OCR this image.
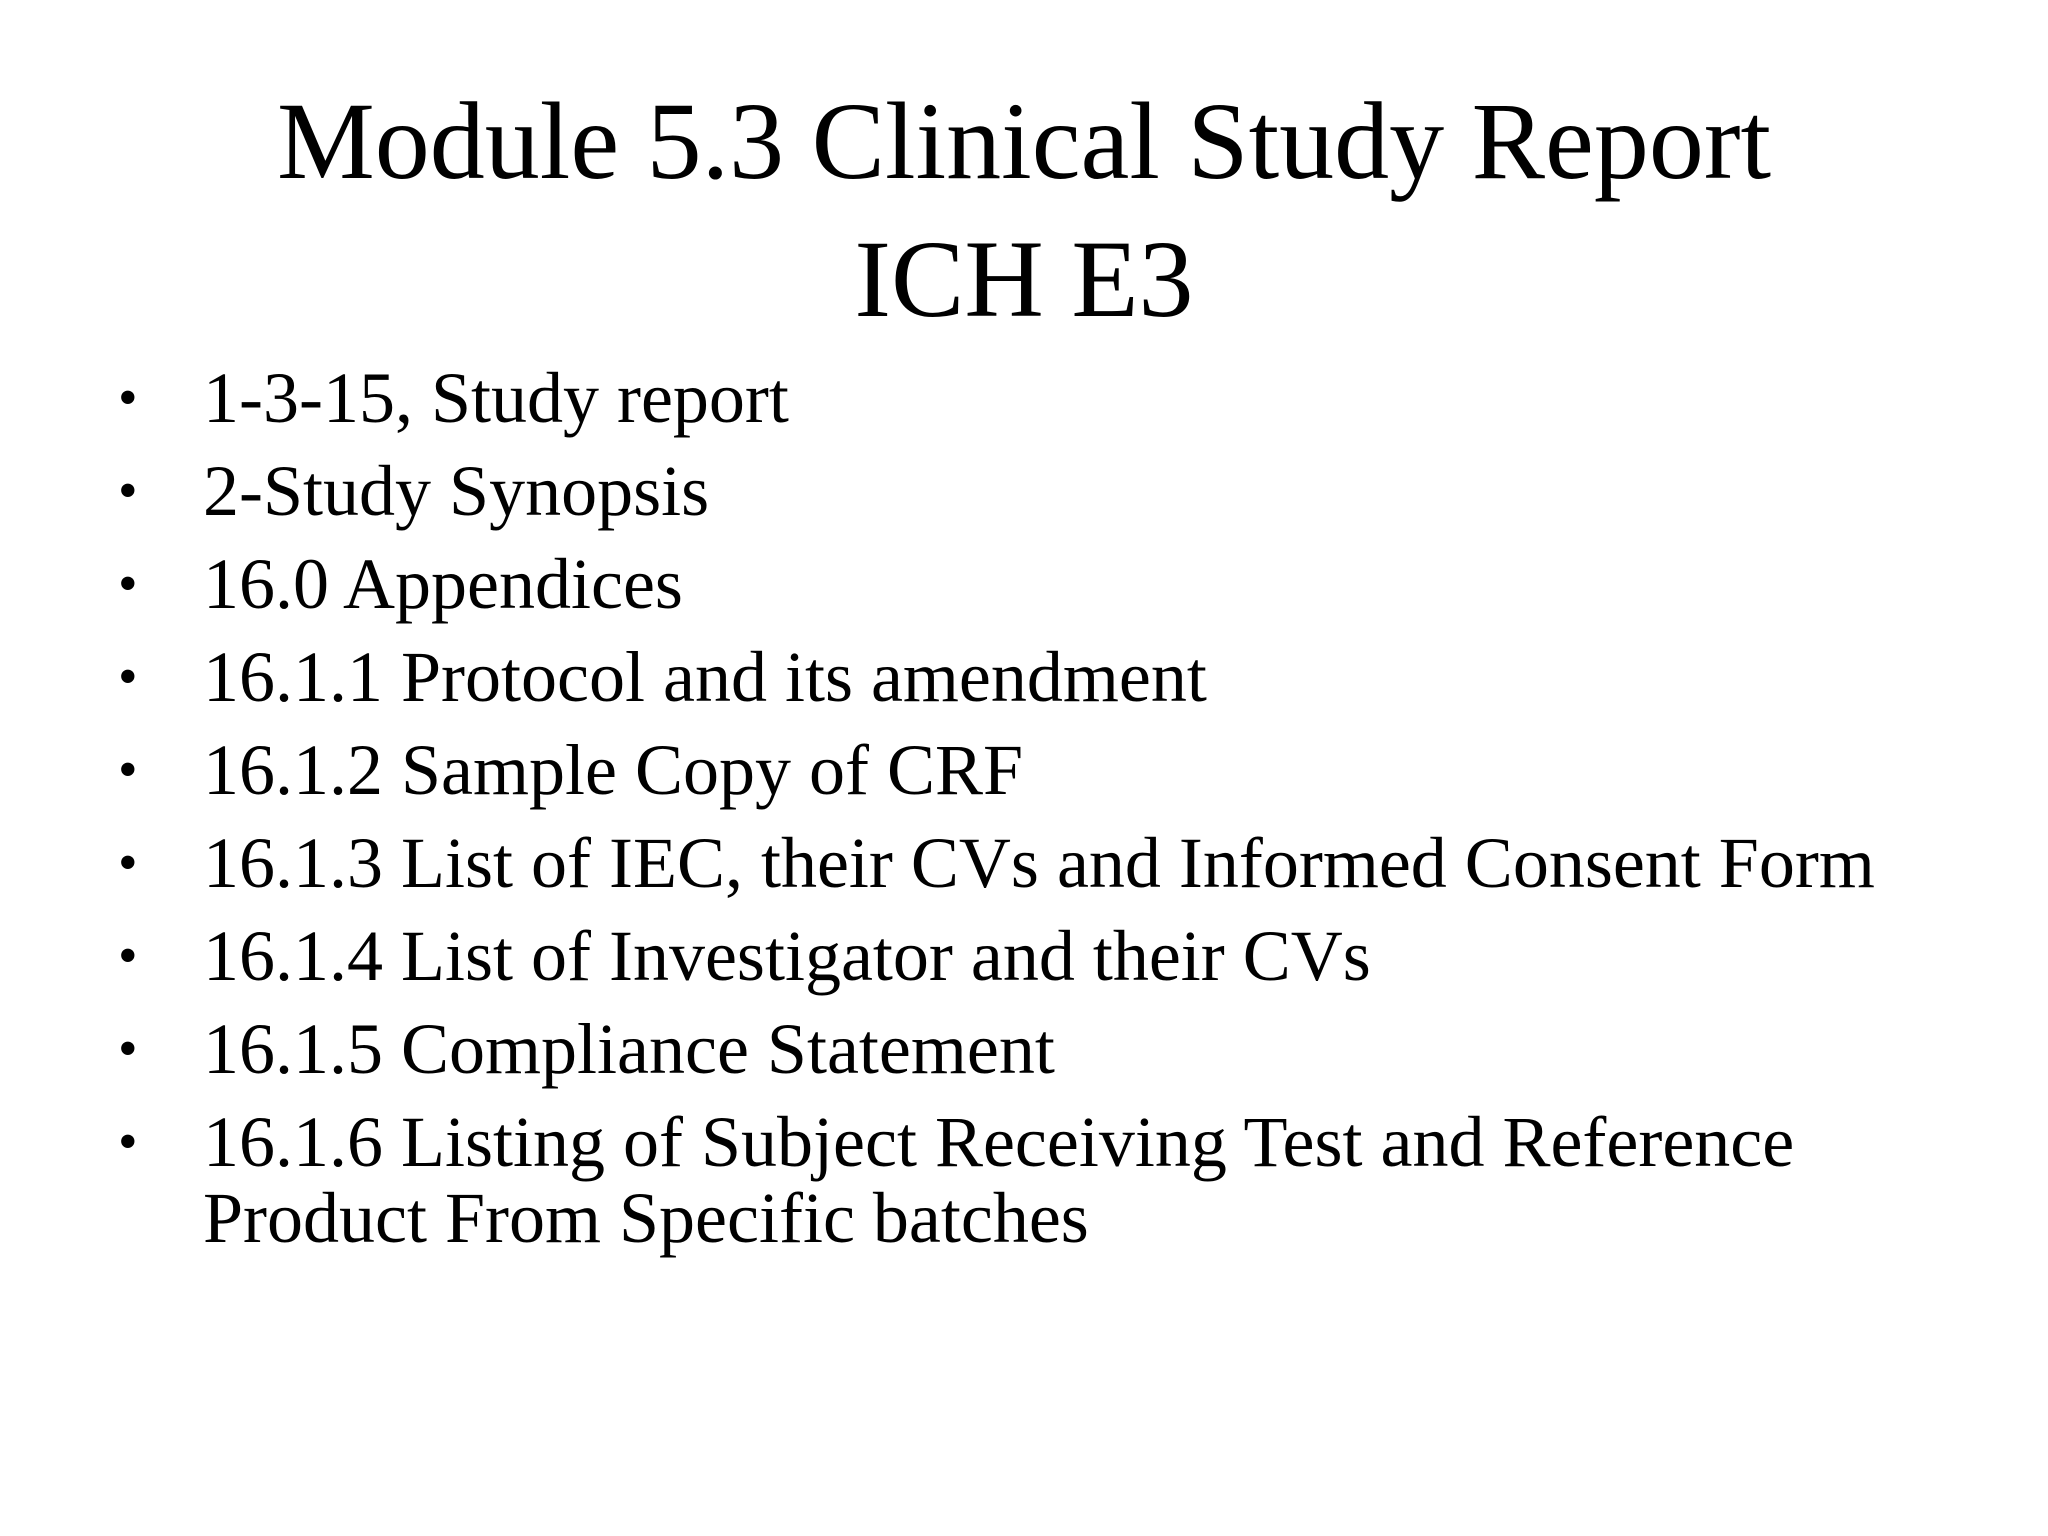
Module 5.3 Clinical Study Report
ICH E3
• 1-3-15, Study report
• 2-Study Synopsis
• 16.0 Appendices
• 16.1.1 Protocol and its amendment
• 16.1.2 Sample Copy of CRF
• 16.1.3 List of IEC, their CVs and Informed Consent Form
• 16.1.4 List of Investigator and their CVs
• 16.1.5 Compliance Statement
• 16.1.6 Listing of Subject Receiving Test and Reference Product From Specific batches
